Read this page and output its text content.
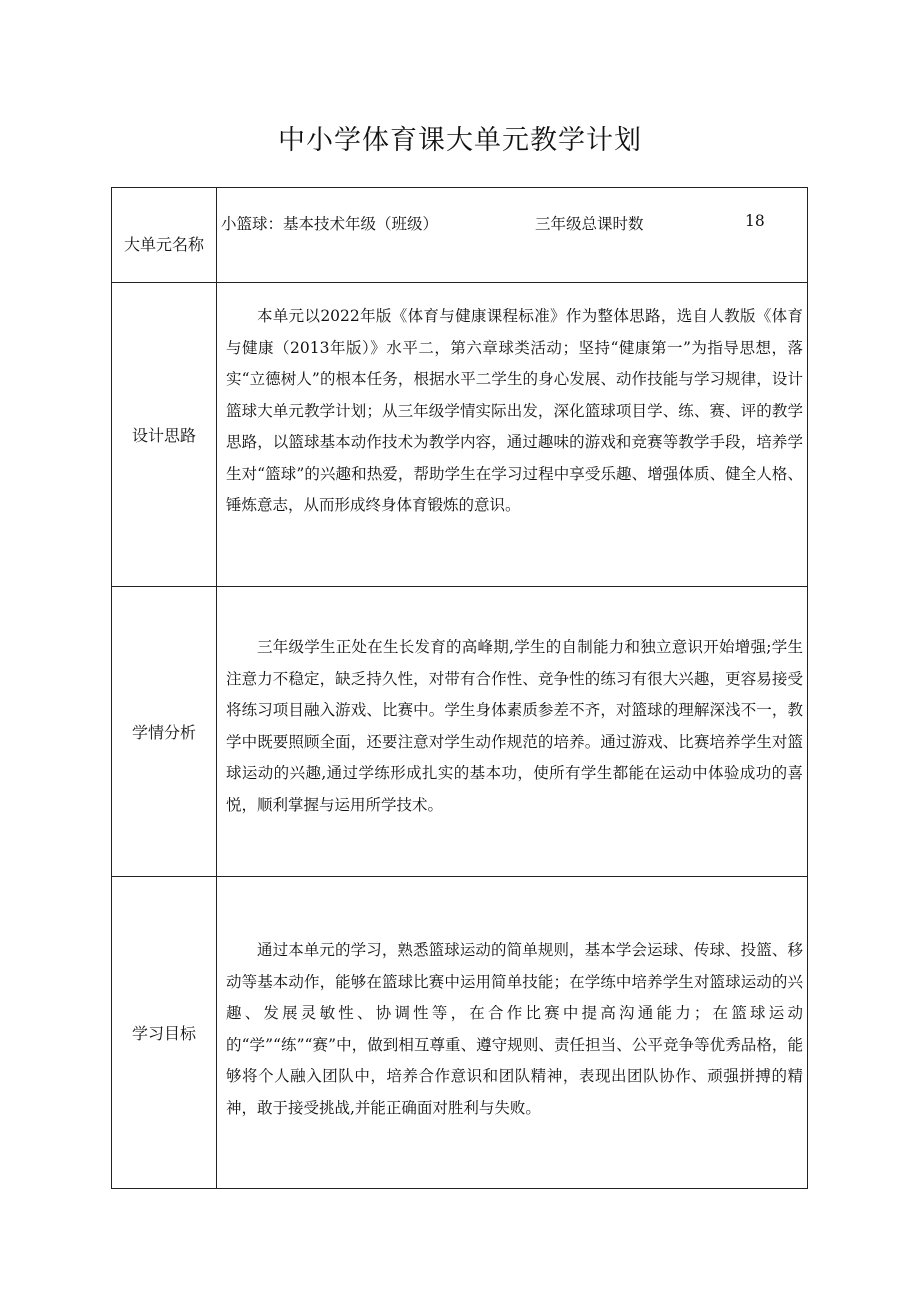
中小学体育课大单元教学计划
大单元名称	小篮球：基本技术年级（班级） 三年级总课时数 18

设计思路	本单元以2022年版《体育与健康课程标准》作为整体思路，选自人教版《体育与健康（2013年版）》水平二，第六章球类活动；坚持“健康第一”为指导思想，落实“立德树人”的根本任务，根据水平二学生的身心发展、动作技能与学习规律，设计篮球大单元教学计划；从三年级学情实际出发，深化篮球项目学、练、赛、评的教学思路，以篮球基本动作技术为教学内容，通过趣味的游戏和竞赛等教学手段，培养学生对“篮球”的兴趣和热爱，帮助学生在学习过程中享受乐趣、增强体质、健全人格、锤炼意志，从而形成终身体育锻炼的意识。

学情分析	三年级学生正处在生长发育的高峰期,学生的自制能力和独立意识开始增强;学生注意力不稳定，缺乏持久性，对带有合作性、竞争性的练习有很大兴趣，更容易接受将练习项目融入游戏、比赛中。学生身体素质参差不齐，对篮球的理解深浅不一，教学中既要照顾全面，还要注意对学生动作规范的培养。通过游戏、比赛培养学生对篮球运动的兴趣,通过学练形成扎实的基本功，使所有学生都能在运动中体验成功的喜悦，顺利掌握与运用所学技术。

学习目标	通过本单元的学习，熟悉篮球运动的简单规则，基本学会运球、传球、投篮、移动等基本动作，能够在篮球比赛中运用简单技能；在学练中培养学生对篮球运动的兴趣、发展灵敏性、协调性等，在合作比赛中提高沟通能力；在篮球运动的“学”“练”“赛”中，做到相互尊重、遵守规则、责任担当、公平竞争等优秀品格，能够将个人融入团队中，培养合作意识和团队精神，表现出团队协作、顽强拼搏的精神，敢于接受挑战,并能正确面对胜利与失败。
